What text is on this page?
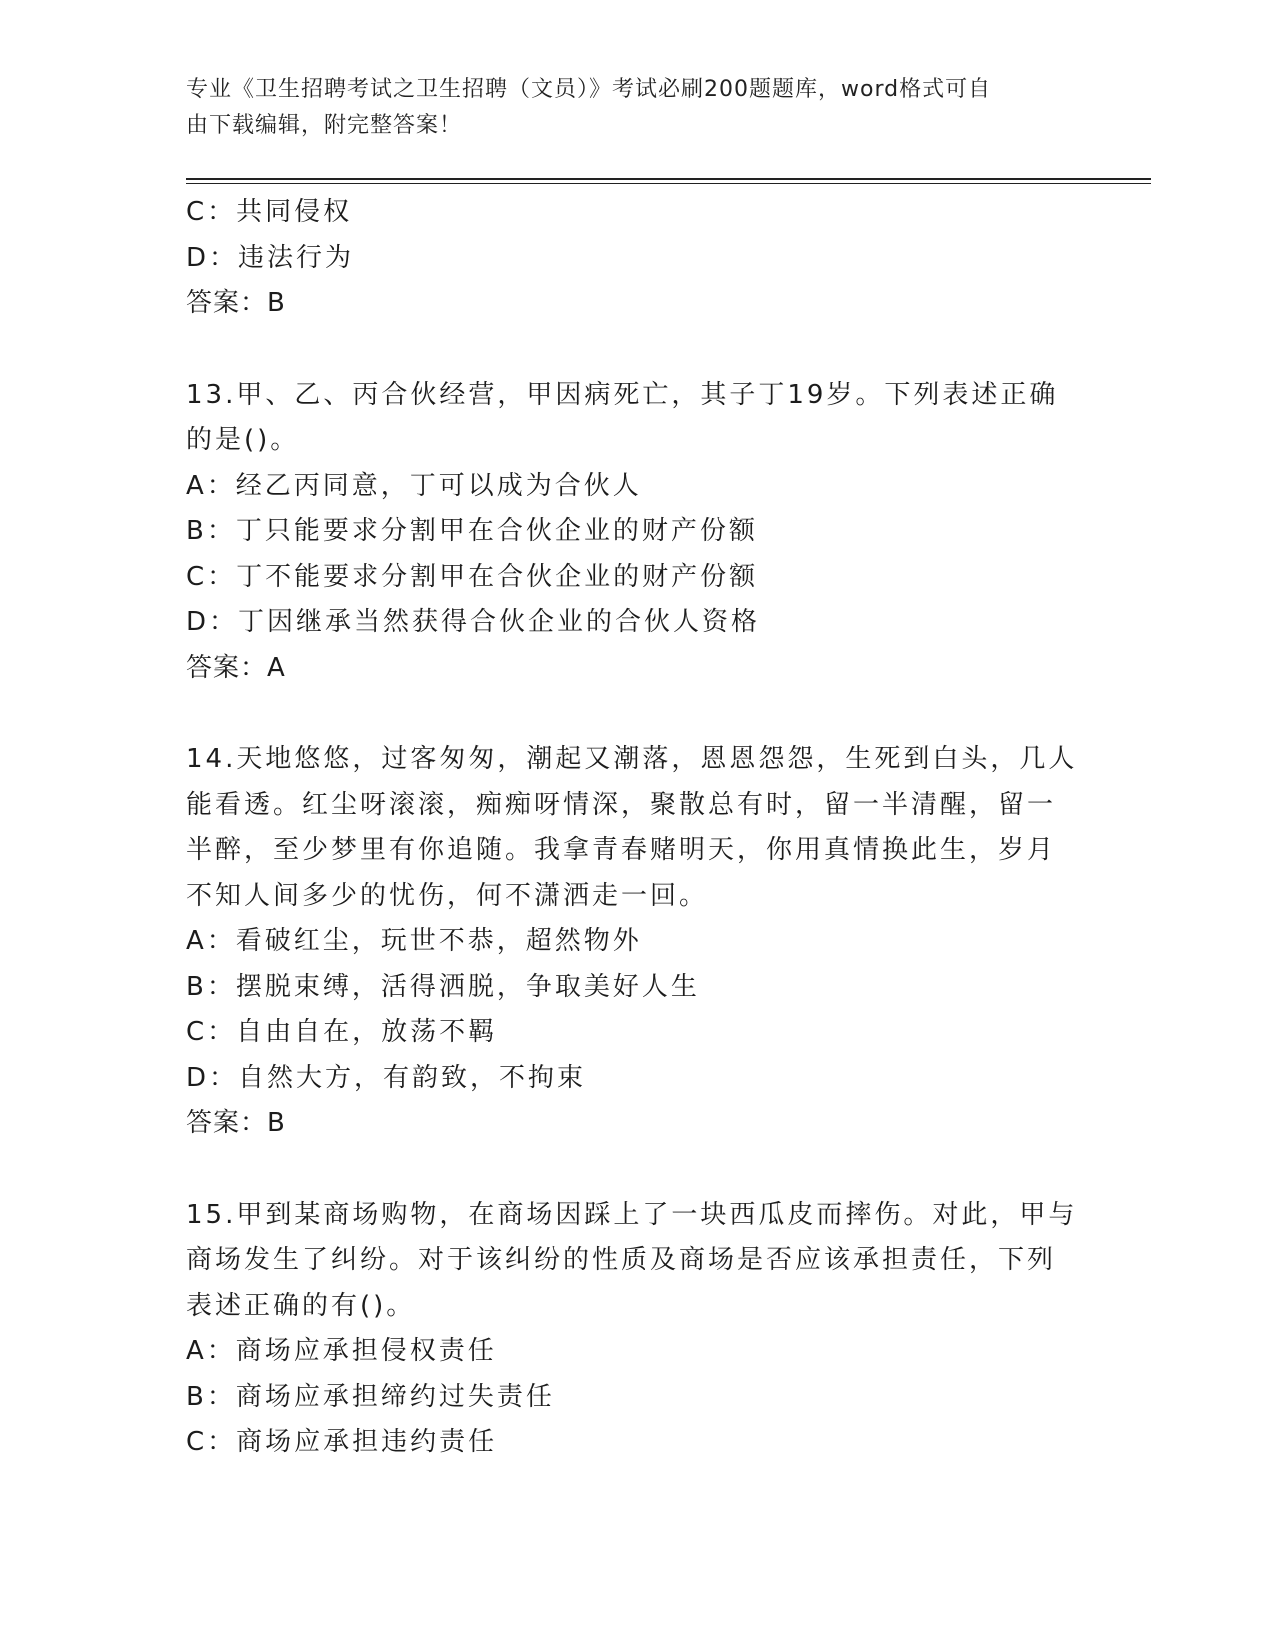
专业《卫生招聘考试之卫生招聘（文员）》考试必刷200题题库，word格式可自
由下载编辑，附完整答案！
C：共同侵权
D：违法行为
答案：B
13.甲、乙、丙合伙经营，甲因病死亡，其子丁19岁。下列表述正确
的是()。
A：经乙丙同意，丁可以成为合伙人
B：丁只能要求分割甲在合伙企业的财产份额
C：丁不能要求分割甲在合伙企业的财产份额
D：丁因继承当然获得合伙企业的合伙人资格
答案：A
14.天地悠悠，过客匆匆，潮起又潮落，恩恩怨怨，生死到白头，几人
能看透。红尘呀滚滚，痴痴呀情深，聚散总有时，留一半清醒，留一
半醉，至少梦里有你追随。我拿青春赌明天，你用真情换此生，岁月
不知人间多少的忧伤，何不潇洒走一回。
A：看破红尘，玩世不恭，超然物外
B：摆脱束缚，活得洒脱，争取美好人生
C：自由自在，放荡不羁
D：自然大方，有韵致，不拘束
答案：B
15.甲到某商场购物，在商场因踩上了一块西瓜皮而摔伤。对此，甲与
商场发生了纠纷。对于该纠纷的性质及商场是否应该承担责任，下列
表述正确的有()。
A：商场应承担侵权责任
B：商场应承担缔约过失责任
C：商场应承担违约责任
